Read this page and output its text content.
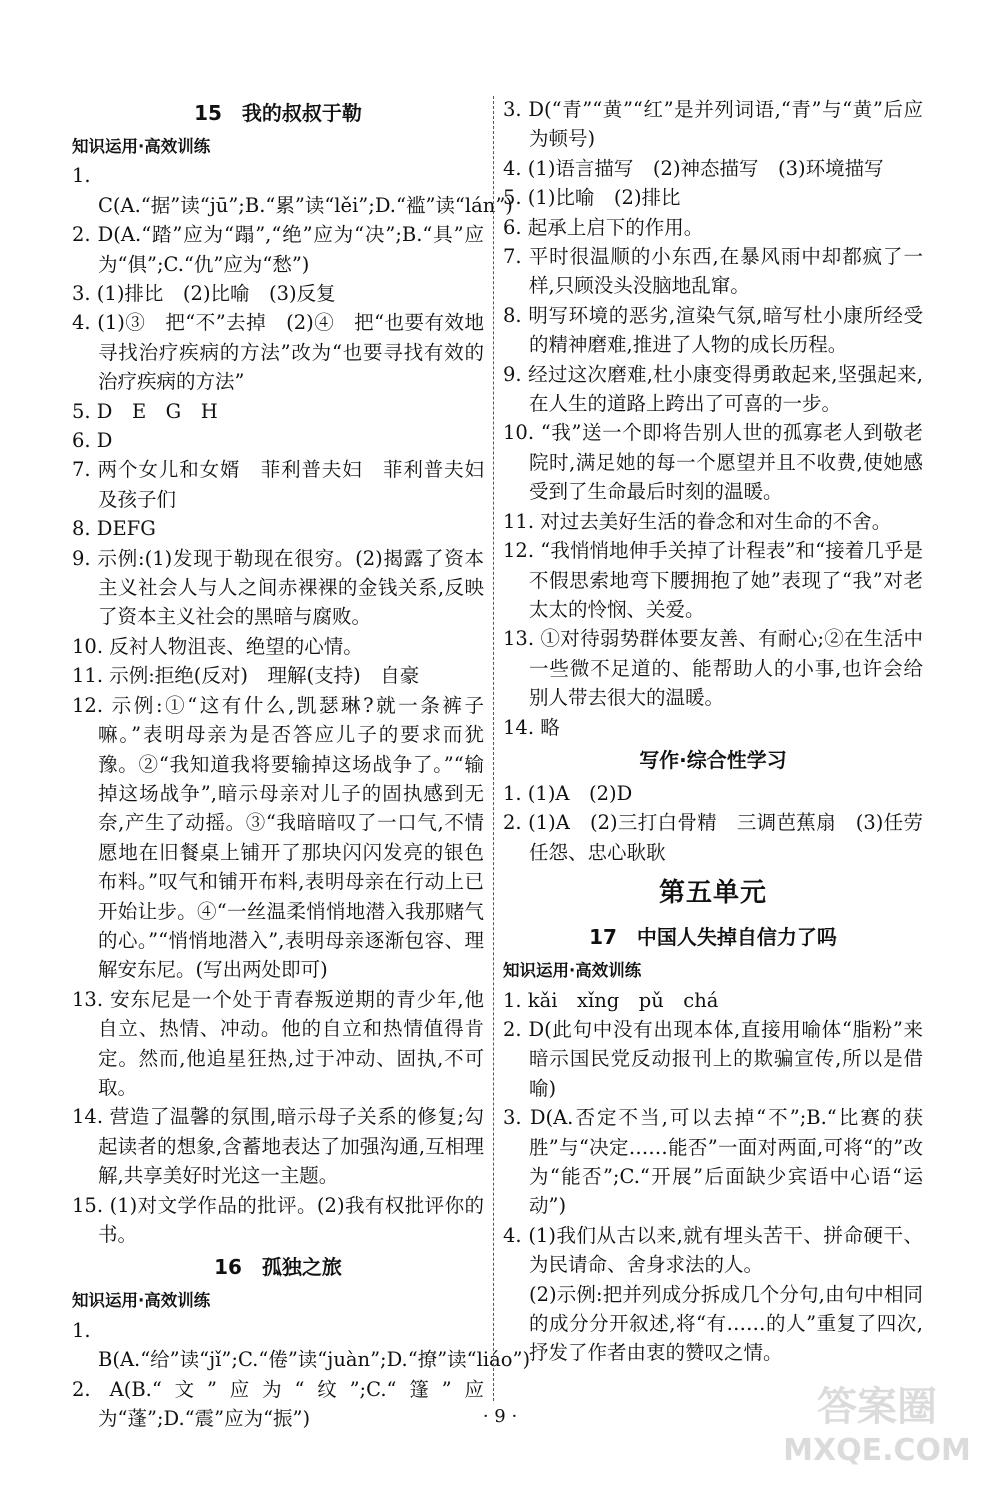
15　我的叔叔于勒
知识运用·高效训练
1. C(A.“据”读“jū”;B.“累”读“lěi”;D.“褴”读“lán”)
2. D(A.“踏”应为“蹋”,“绝”应为“决”;B.“具”应为“俱”;C.“仇”应为“愁”)
3. (1)排比　(2)比喻　(3)反复
4. (1)③　把“不”去掉　(2)④　把“也要有效地寻找治疗疾病的方法”改为“也要寻找有效的治疗疾病的方法”
5. D　E　G　H
6. D
7. 两个女儿和女婿　菲利普夫妇　菲利普夫妇及孩子们
8. DEFG
9. 示例:(1)发现于勒现在很穷。(2)揭露了资本主义社会人与人之间赤裸裸的金钱关系,反映了资本主义社会的黑暗与腐败。
10. 反衬人物沮丧、绝望的心情。
11. 示例:拒绝(反对)　理解(支持)　自豪
12. 示例:①“这有什么,凯瑟琳?就一条裤子嘛。”表明母亲为是否答应儿子的要求而犹豫。②“我知道我将要输掉这场战争了。”“输掉这场战争”,暗示母亲对儿子的固执感到无奈,产生了动摇。③“我暗暗叹了一口气,不情愿地在旧餐桌上铺开了那块闪闪发亮的银色布料。”叹气和铺开布料,表明母亲在行动上已开始让步。④“一丝温柔悄悄地潜入我那赌气的心。”“悄悄地潜入”,表明母亲逐渐包容、理解安东尼。(写出两处即可)
13. 安东尼是一个处于青春叛逆期的青少年,他自立、热情、冲动。他的自立和热情值得肯定。然而,他追星狂热,过于冲动、固执,不可取。
14. 营造了温馨的氛围,暗示母子关系的修复;勾起读者的想象,含蓄地表达了加强沟通,互相理解,共享美好时光这一主题。
15. (1)对文学作品的批评。(2)我有权批评你的书。
16　孤独之旅
知识运用·高效训练
1. B(A.“给”读“jǐ”;C.“倦”读“juàn”;D.“撩”读“liáo”)
2. A(B.“文”应为“纹”;C.“篷”应为“蓬”;D.“震”应为“振”)
3. D(“青”“黄”“红”是并列词语,“青”与“黄”后应为顿号)
4. (1)语言描写　(2)神态描写　(3)环境描写
5. (1)比喻　(2)排比
6. 起承上启下的作用。
7. 平时很温顺的小东西,在暴风雨中却都疯了一样,只顾没头没脑地乱窜。
8. 明写环境的恶劣,渲染气氛,暗写杜小康所经受的精神磨难,推进了人物的成长历程。
9. 经过这次磨难,杜小康变得勇敢起来,坚强起来,在人生的道路上跨出了可喜的一步。
10. “我”送一个即将告别人世的孤寡老人到敬老院时,满足她的每一个愿望并且不收费,使她感受到了生命最后时刻的温暖。
11. 对过去美好生活的眷念和对生命的不舍。
12. “我悄悄地伸手关掉了计程表”和“接着几乎是不假思索地弯下腰拥抱了她”表现了“我”对老太太的怜悯、关爱。
13. ①对待弱势群体要友善、有耐心;②在生活中一些微不足道的、能帮助人的小事,也许会给别人带去很大的温暖。
14. 略
写作·综合性学习
1. (1)A　(2)D
2. (1)A　(2)三打白骨精　三调芭蕉扇　(3)任劳任怨、忠心耿耿
第五单元
17　中国人失掉自信力了吗
知识运用·高效训练
1. kǎi　xǐng　pǔ　chá
2. D(此句中没有出现本体,直接用喻体“脂粉”来暗示国民党反动报刊上的欺骗宣传,所以是借喻)
3. D(A.否定不当,可以去掉“不”;B.“比赛的获胜”与“决定……能否”一面对两面,可将“的”改为“能否”;C.“开展”后面缺少宾语中心语“运动”)
4. (1)我们从古以来,就有埋头苦干、拼命硬干、为民请命、舍身求法的人。
(2)示例:把并列成分拆成几个分句,由句中相同的成分分开叙述,将“有……的人”重复了四次,抒发了作者由衷的赞叹之情。
· 9 ·	答案圈
MXQE.COM
